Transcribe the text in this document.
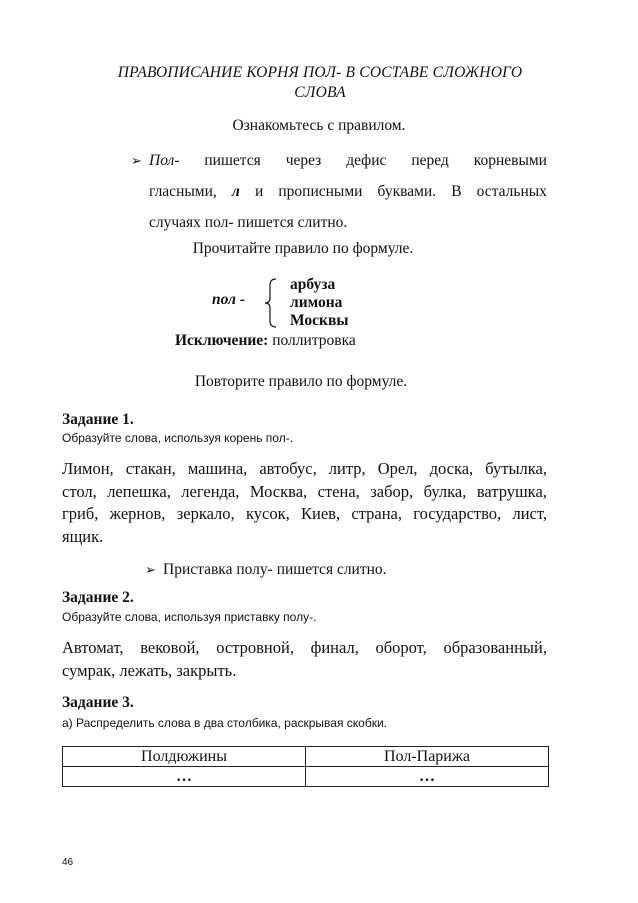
ПРАВОПИСАНИЕ КОРНЯ ПОЛ- В СОСТАВЕ СЛОЖНОГО
СЛОВА
Ознакомьтесь с правилом.
➢ Пол- пишется через дефис перед корневыми
гласными, л и прописными буквами. В остальных
случаях пол- пишется слитно.
Прочитайте правило по формуле.
пол -
арбуза
лимона
Москвы
Исключение: поллитровка
Повторите правило по формуле.
Задание 1.
Образуйте слова, используя корень пол-.
Лимон, стакан, машина, автобус, литр, Орел, доска, бутылка,
стол, лепешка, легенда, Москва, стена, забор, булка, ватрушка,
гриб, жернов, зеркало, кусок, Киев, страна, государство, лист,
ящик.
➢ Приставка полу- пишется слитно.
Задание 2.
Образуйте слова, используя приставку полу-.
Автомат, вековой, островной, финал, оборот, образованный,
сумрак, лежать, закрыть.
Задание 3.
а) Распределить слова в два столбика, раскрывая скобки.
Полдюжины	Пол-Парижа
…	…
46
